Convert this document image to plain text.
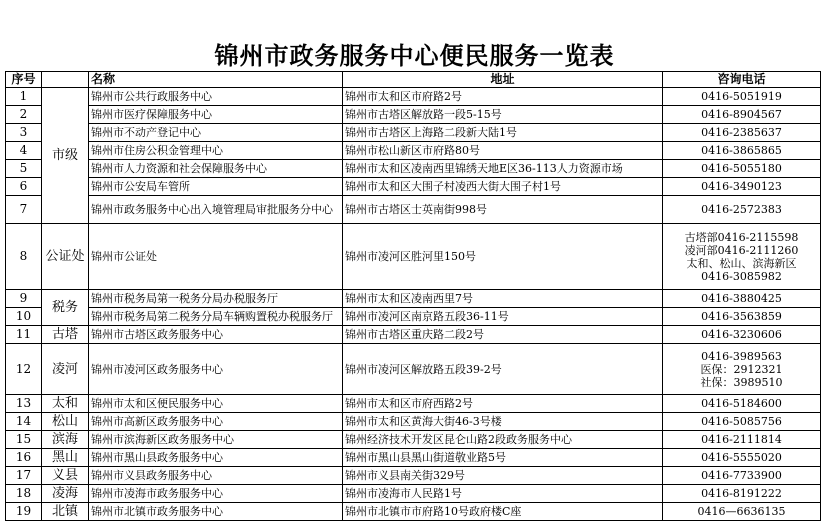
锦州市政务服务中心便民服务一览表
序号		名称	地址	咨询电话
1	市级	锦州市公共行政服务中心	锦州市太和区市府路2号	0416-5051919

2		锦州市医疗保障服务中心	锦州市古塔区解放路一段5-15号	0416-8904567

3		锦州市不动产登记中心	锦州市古塔区上海路二段新大陆1号	0416-2385637

4		锦州市住房公积金管理中心	锦州市松山新区市府路80号	0416-3865865

5		锦州市人力资源和社会保障服务中心	锦州市太和区凌南西里锦绣天地E区36-113人力资源市场	0416-5055180

6		锦州市公安局车管所	锦州市太和区大围子村凌西大街大围子村1号	0416-3490123

7		锦州市政务服务中心出入境管理局审批服务分中心	锦州市古塔区士英南街998号	0416-2572383

8	公证处	锦州市公证处	锦州市凌河区胜河里150号	古塔部0416-2115598
凌河部0416-2111260
太和、松山、滨海新区
0416-3085982

9	税务	锦州市税务局第一税务分局办税服务厅	锦州市太和区凌南西里7号	0416-3880425

10		锦州市税务局第二税务分局车辆购置税办税服务厅	锦州市凌河区南京路五段36-11号	0416-3563859

11	古塔	锦州市古塔区政务服务中心	锦州市古塔区重庆路二段2号	0416-3230606

12	凌河	锦州市凌河区政务服务中心	锦州市凌河区解放路五段39-2号	0416-3989563
医保：2912321
社保：3989510

13	太和	锦州市太和区便民服务中心	锦州市太和区市府西路2号	0416-5184600

14	松山	锦州市高新区政务服务中心	锦州市太和区黄海大街46-3号楼	0416-5085756

15	滨海	锦州市滨海新区政务服务中心	锦州经济技术开发区昆仑山路2段政务服务中心	0416-2111814

16	黑山	锦州市黑山县政务服务中心	锦州市黑山县黑山街道敬业路5号	0416-5555020

17	义县	锦州市义县政务服务中心	锦州市义县南关街329号	0416-7733900

18	凌海	锦州市凌海市政务服务中心	锦州市凌海市人民路1号	0416-8191222

19	北镇	锦州市北镇市政务服务中心	锦州市北镇市市府路10号政府楼C座	0416—6636135
